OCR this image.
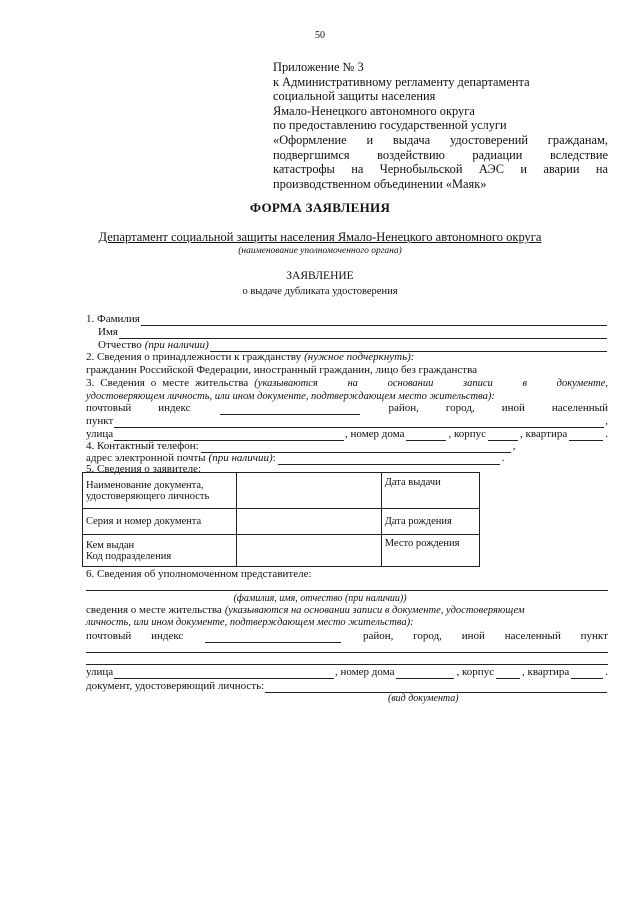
50
Приложение № 3
к Административному регламенту департамента
социальной защиты населения
Ямало-Ненецкого автономного округа
по предоставлению государственной услуги
«Оформление и выдача удостоверений гражданам,
подвергшимся воздействию радиации вследствие
катастрофы на Чернобыльской АЭС и аварии на
производственном объединении «Маяк»
ФОРМА ЗАЯВЛЕНИЯ
Департамент социальной защиты населения Ямало-Ненецкого автономного округа
(наименование уполномоченного органа)
ЗАЯВЛЕНИЕ
о выдаче дубликата удостоверения
1. Фамилия
Имя
Отчество (при наличии)
2. Сведения о принадлежности к гражданству (нужное подчеркнуть):
гражданин Российской Федерации, иностранный гражданин, лицо без гражданства
3. Сведения о месте жительства (указываются на основании записи в документе,
удостоверяющем личность, или ином документе, подтверждающем место жительства):
почтовый индекс	район, город, иной населенный
пункт	,
улица	, номер дома	, корпус	, квартира	.
4. Контактный телефон:	,
адрес электронной почты (при наличии) :	.
5. Сведения о заявителе:
Наименование документа,
удостоверяющего личность		Дата выдачи
Серия и номер документа		Дата рождения

Кем выдан
Код подразделения		Место рождения
6. Сведения об уполномоченном представителе:
(фамилия, имя, отчество (при наличии))
сведения о месте жительства (указываются на основании записи в документе, удостоверяющем
личность, или ином документе, подтверждающем место жительства):
почтовый индекс	район, город, иной населенный пункт
улица	, номер дома	, корпус	, квартира	.
документ, удостоверяющий личность:
(вид документа)
